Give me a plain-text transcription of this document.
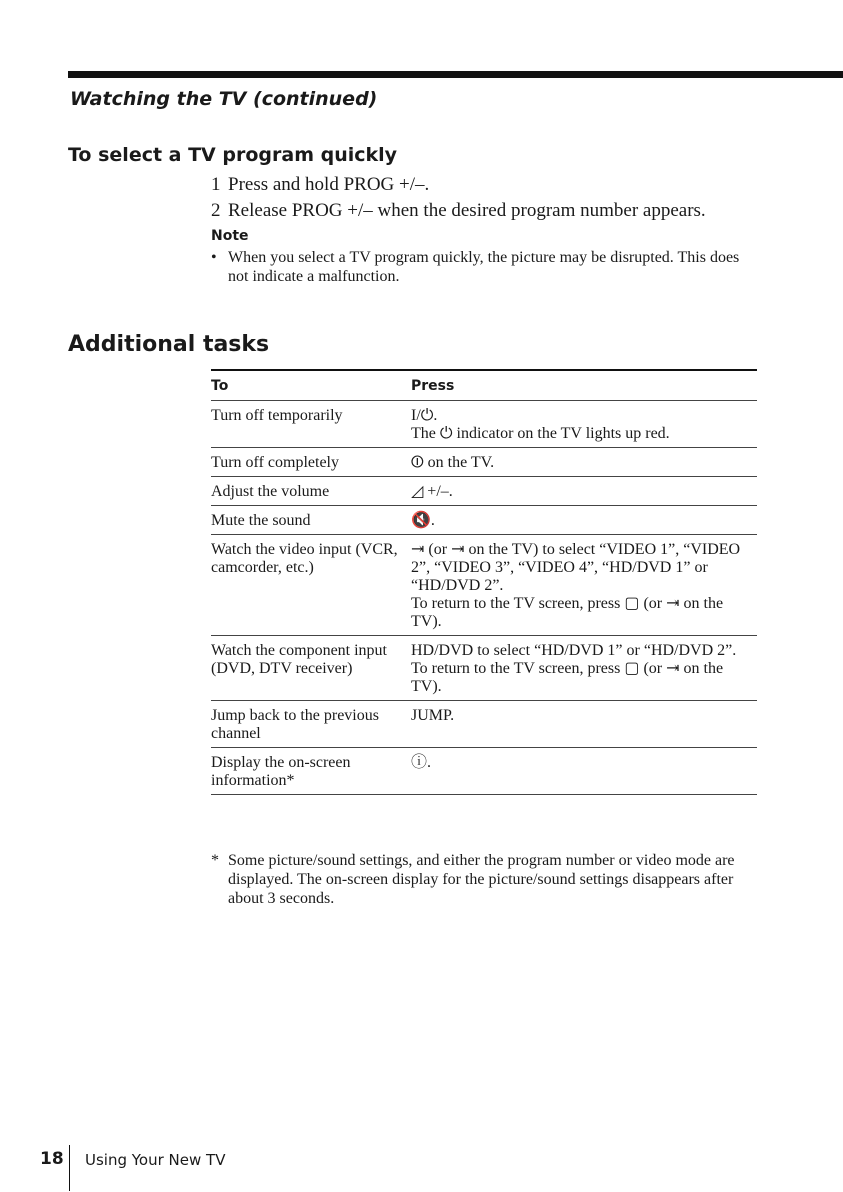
Watching the TV (continued)
To select a TV program quickly
1 Press and hold PROG +/–.
2 Release PROG +/– when the desired program number appears.
Note
• When you select a TV program quickly, the picture may be disrupted. This does not indicate a malfunction.
Additional tasks
To	Press
Turn off temporarily	I/⏻.
The ⏻ indicator on the TV lights up red.
Turn off completely	⏼ on the TV.
Adjust the volume	◿ +/–.
Mute the sound	🔇.
Watch the video input (VCR, camcorder, etc.)
⇥ (or ⇥ on the TV) to select “VIDEO 1”, “VIDEO 2”, “VIDEO 3”, “VIDEO 4”, “HD/DVD 1” or “HD/DVD 2”.
To return to the TV screen, press ▢ (or ⇥ on the TV).
Watch the component input (DVD, DTV receiver)
HD/DVD to select “HD/DVD 1” or “HD/DVD 2”.
To return to the TV screen, press ▢ (or ⇥ on the TV).
Jump back to the previous channel
JUMP.
Display the on-screen information*
ⓘ.
* Some picture/sound settings, and either the program number or video mode are displayed. The on-screen display for the picture/sound settings disappears after about 3 seconds.
18 Using Your New TV
